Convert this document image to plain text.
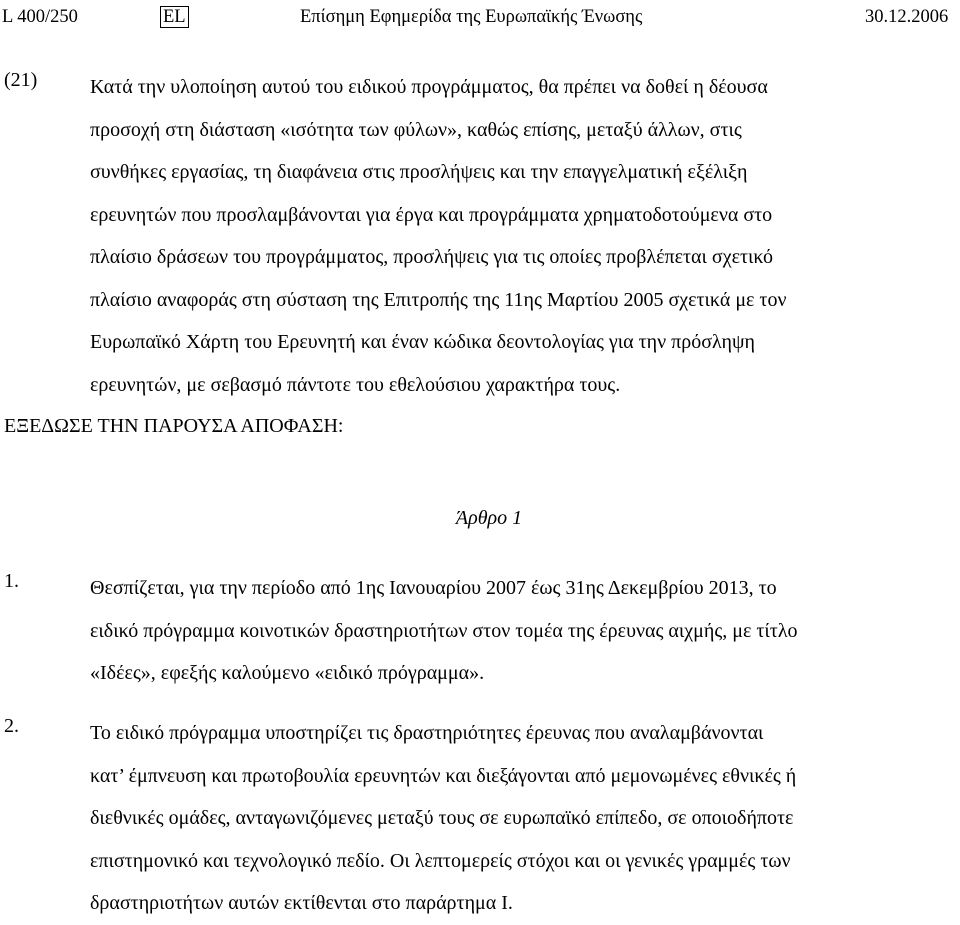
L 400/250	EL	Επίσημη Εφημερίδα της Ευρωπαϊκής Ένωσης	30.12.2006
(21)	Κατά την υλοποίηση αυτού του ειδικού προγράμματος, θα πρέπει να δοθεί η δέουσα
προσοχή στη διάσταση «ισότητα των φύλων», καθώς επίσης, μεταξύ άλλων, στις
συνθήκες εργασίας, τη διαφάνεια στις προσλήψεις και την επαγγελματική εξέλιξη
ερευνητών που προσλαμβάνονται για έργα και προγράμματα χρηματοδοτούμενα στο
πλαίσιο δράσεων του προγράμματος, προσλήψεις για τις οποίες προβλέπεται σχετικό
πλαίσιο αναφοράς στη σύσταση της Επιτροπής της 11ης Μαρτίου 2005 σχετικά με τον
Ευρωπαϊκό Χάρτη του Ερευνητή και έναν κώδικα δεοντολογίας για την πρόσληψη
ερευνητών, με σεβασμό πάντοτε του εθελούσιου χαρακτήρα τους.

ΕΞΕΔΩΣΕ ΤΗΝ ΠΑΡΟΥΣΑ ΑΠΟΦΑΣΗ:
Άρθρο 1
1.	Θεσπίζεται, για την περίοδο από 1ης Ιανουαρίου 2007 έως 31ης Δεκεμβρίου 2013, το
ειδικό πρόγραμμα κοινοτικών δραστηριοτήτων στον τομέα της έρευνας αιχμής, με τίτλο
«Ιδέες», εφεξής καλούμενο «ειδικό πρόγραμμα».

2.	Το ειδικό πρόγραμμα υποστηρίζει τις δραστηριότητες έρευνας που αναλαμβάνονται
κατ’ έμπνευση και πρωτοβουλία ερευνητών και διεξάγονται από μεμονωμένες εθνικές ή
διεθνικές ομάδες, ανταγωνιζόμενες μεταξύ τους σε ευρωπαϊκό επίπεδο, σε οποιοδήποτε
επιστημονικό και τεχνολογικό πεδίο. Οι λεπτομερείς στόχοι και οι γενικές γραμμές των
δραστηριοτήτων αυτών εκτίθενται στο παράρτημα Ι.
